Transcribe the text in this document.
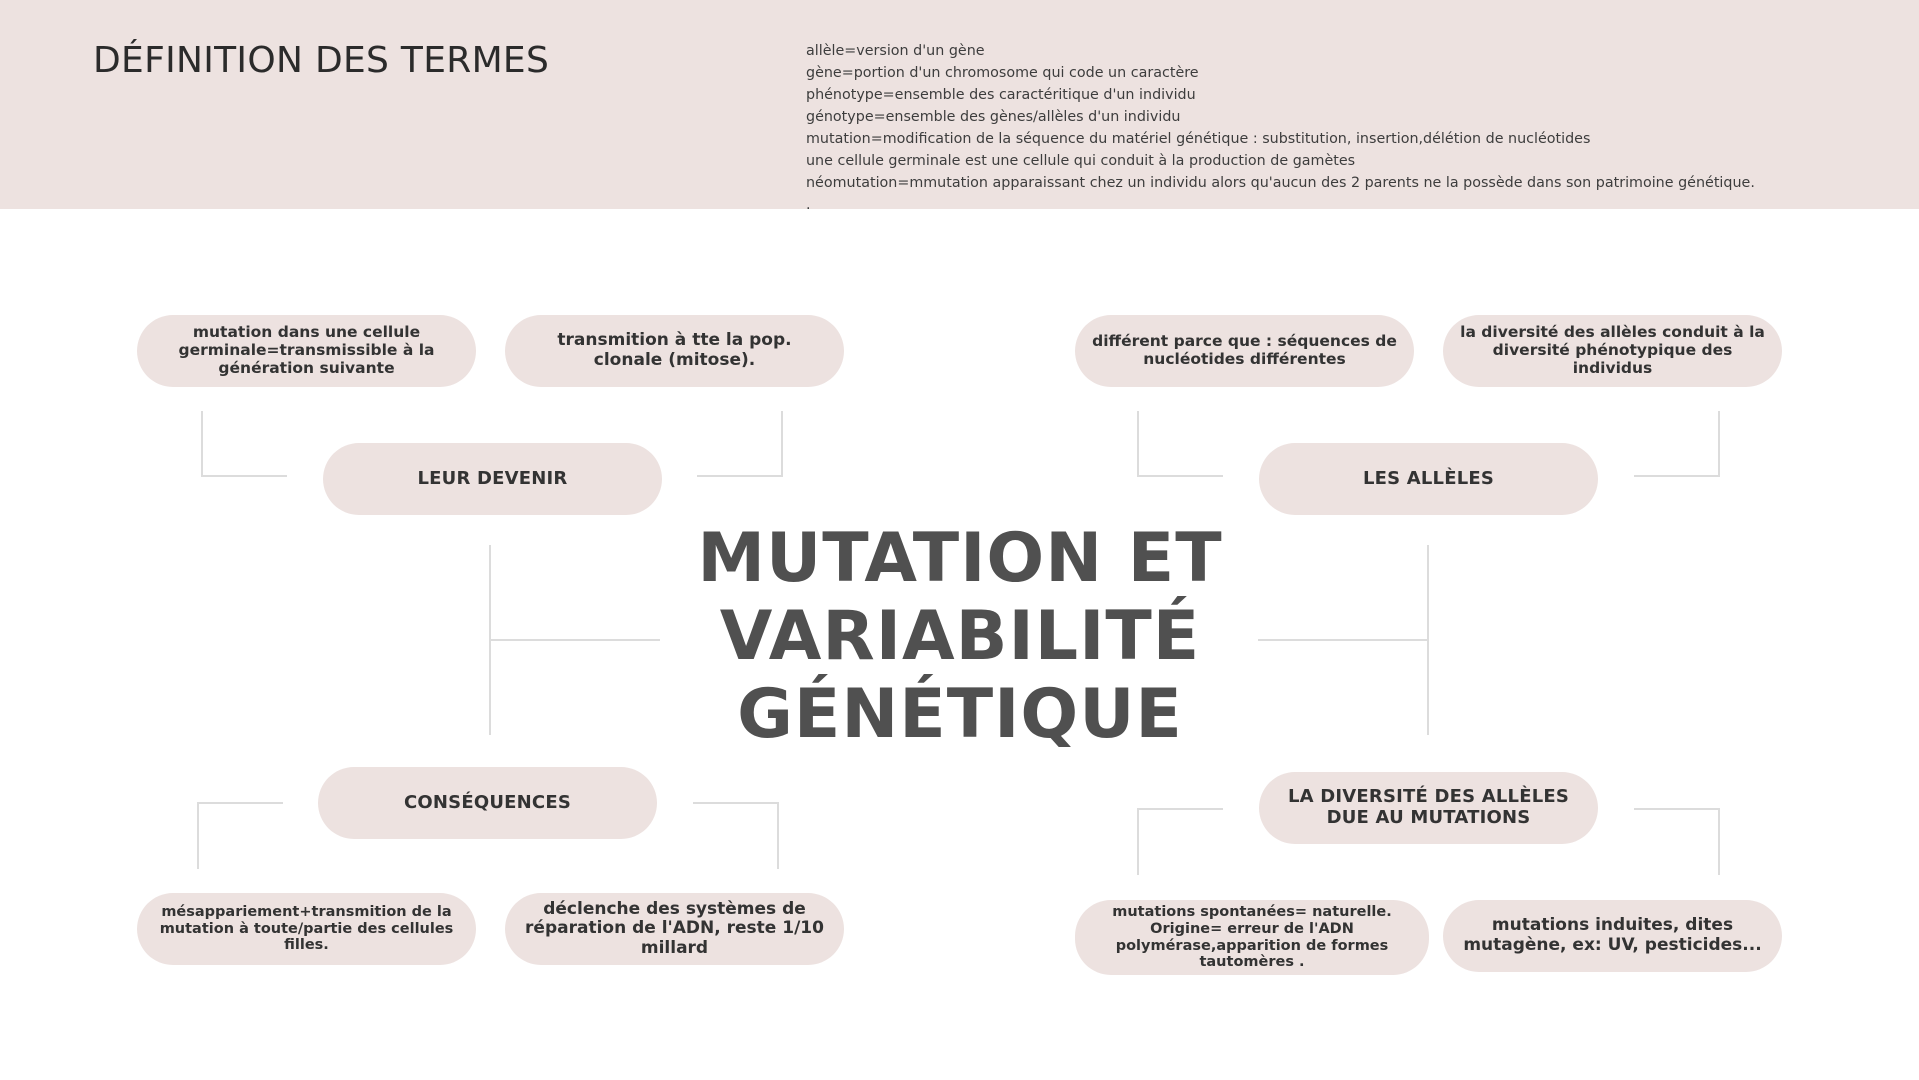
DÉFINITION DES TERMES	allèle=version d'un gène
gène=portion d'un chromosome qui code un caractère
phénotype=ensemble des caractéritique d'un individu
génotype=ensemble des gènes/allèles d'un individu
mutation=modification de la séquence du matériel génétique : substitution, insertion,délétion de nucléotides
une cellule germinale est une cellule qui conduit à la production de gamètes
néomutation=mmutation apparaissant chez un individu alors qu'aucun des 2 parents ne la possède dans son patrimoine génétique.
.
mutation dans une cellule germinale=transmissible à la génération suivante
transmition à tte la pop. clonale (mitose).
LEUR DEVENIR
différent parce que : séquences de nucléotides différentes
la diversité des allèles conduit à la diversité phénotypique des individus
LES ALLÈLES
MUTATION ET
VARIABILITÉ
GÉNÉTIQUE
CONSÉQUENCES
mésappariement+transmition de la mutation à toute/partie des cellules filles.
déclenche des systèmes de réparation de l'ADN, reste 1/10 millard
LA DIVERSITÉ DES ALLÈLES DUE AU MUTATIONS
mutations spontanées= naturelle. Origine= erreur de l'ADN polymérase,apparition de formes tautomères .
mutations induites, dites mutagène, ex: UV, pesticides...
